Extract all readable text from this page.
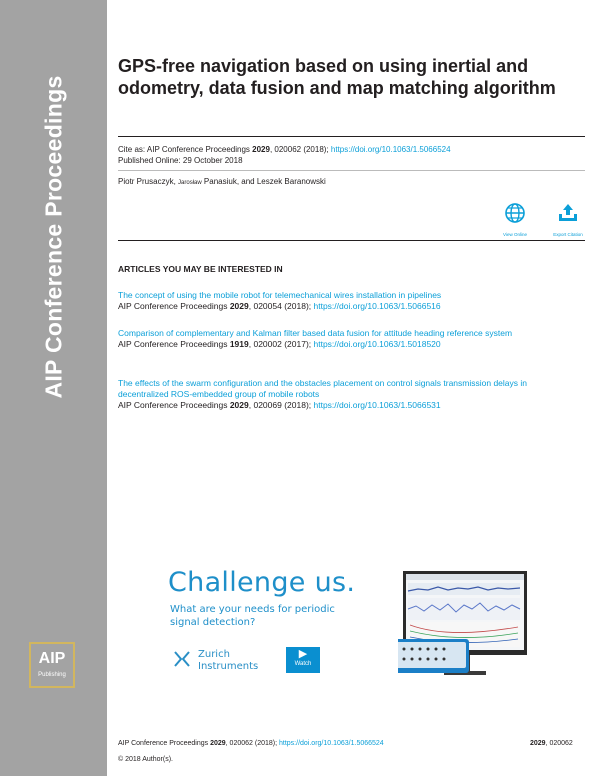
AIP Conference Proceedings
AIP
Publishing
GPS-free navigation based on using inertial and odometry, data fusion and map matching algorithm
Cite as: AIP Conference Proceedings 2029, 020062 (2018); https://doi.org/10.1063/1.5066524
Published Online: 29 October 2018
Piotr Prusaczyk, Jarosław Panasiuk, and Leszek Baranowski
View Online	Export Citation
ARTICLES YOU MAY BE INTERESTED IN
The concept of using the mobile robot for telemechanical wires installation in pipelines
AIP Conference Proceedings 2029, 020054 (2018); https://doi.org/10.1063/1.5066516
Comparison of complementary and Kalman filter based data fusion for attitude heading reference system
AIP Conference Proceedings 1919, 020002 (2017); https://doi.org/10.1063/1.5018520
The effects of the swarm configuration and the obstacles placement on control signals transmission delays in decentralized ROS-embedded group of mobile robots
AIP Conference Proceedings 2029, 020069 (2018); https://doi.org/10.1063/1.5066531
Challenge us.
What are your needs for periodic signal detection?
Zurich Instruments
▶
Watch
AIP Conference Proceedings 2029, 020062 (2018); https://doi.org/10.1063/1.5066524	2029, 020062
© 2018 Author(s).
